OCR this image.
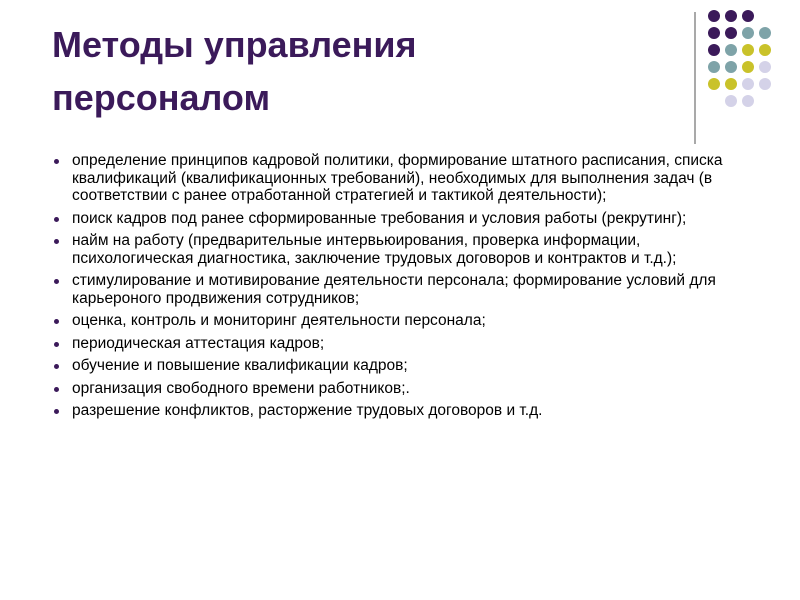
Методы управления
персоналом
определение принципов кадровой политики, формирование штатного расписания, списка квалификаций (квалификационных требований), необходимых для выполнения задач (в соответствии с ранее отработанной стратегией и тактикой деятельности);
поиск кадров под ранее сформированные требования и условия работы (рекрутинг);
найм на работу (предварительные интервьюирования, проверка информации, психологическая диагностика, заключение трудовых договоров и контрактов и т.д.);
стимулирование и мотивирование деятельности персонала; формирование условий для карьероного продвижения сотрудников;
оценка, контроль и мониторинг деятельности персонала;
периодическая аттестация кадров;
обучение и повышение квалификации кадров;
организация свободного времени работников;.
разрешение конфликтов, расторжение трудовых договоров и т.д.
